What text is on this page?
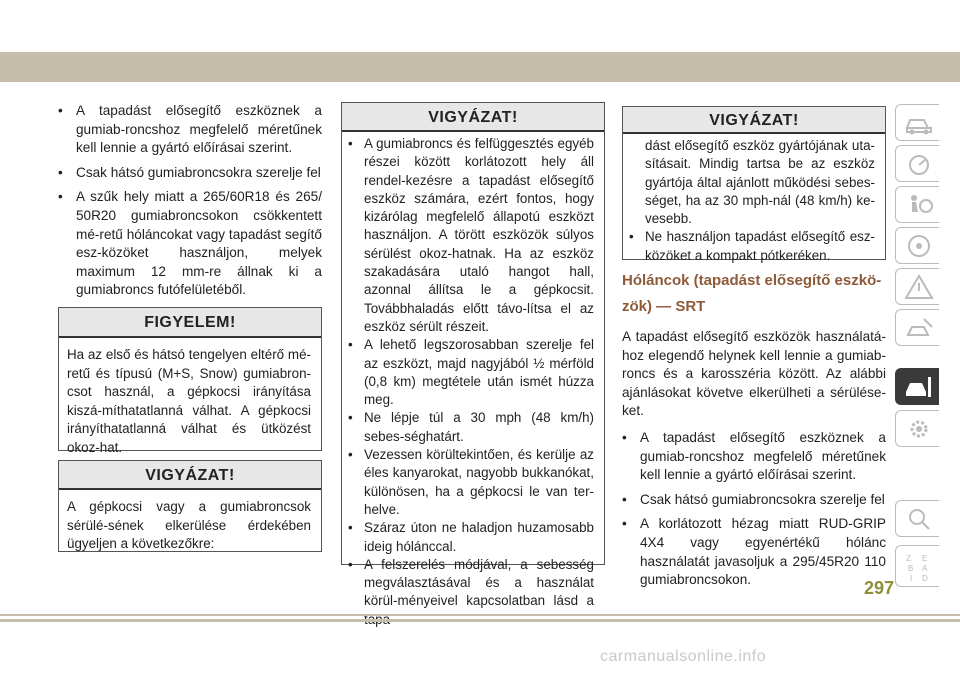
• A tapadást elősegítő eszköznek a gumiab-roncshoz megfelelő méretűnek kell lennie a gyártó előírásai szerint.
• Csak hátsó gumiabroncsokra szerelje fel
• A szűk hely miatt a 265/60R18 és 265/ 50R20 gumiabroncsokon csökkentett mé-retű hóláncokat vagy tapadást segítő esz-közöket használjon, melyek maximum 12 mm-re állnak ki a gumiabroncs futófelületéből.
FIGYELEM!
Ha az első és hátsó tengelyen eltérő mé-retű és típusú (M+S, Snow) gumiabron-csot használ, a gépkocsi irányítása kiszá-míthatatlanná válhat. A gépkocsi irányíthatatlanná válhat és ütközést okoz-hat.
VIGYÁZAT!
A gépkocsi vagy a gumiabroncsok sérülé-sének elkerülése érdekében ügyeljen a következőkre:
VIGYÁZAT!
• A gumiabroncs és felfüggesztés egyéb részei között korlátozott hely áll rendel-kezésre a tapadást elősegítő eszköz számára, ezért fontos, hogy kizárólag megfelelő állapotú eszközt használjon. A törött eszközök súlyos sérülést okoz-hatnak. Ha az eszköz szakadására utaló hangot hall, azonnal állítsa le a gépkocsit. Továbbhaladás előtt távo-lítsa el az eszköz sérült részeit.
• A lehető legszorosabban szerelje fel az eszközt, majd nagyjából ½ mérföld (0,8 km) megtétele után ismét húzza meg.
• Ne lépje túl a 30 mph (48 km/h) sebes-séghatárt.
• Vezessen körültekintően, és kerülje az éles kanyarokat, nagyobb bukkanókat, különösen, ha a gépkocsi le van ter-helve.
• Száraz úton ne haladjon huzamosabb ideig hólánccal.
• A felszerelés módjával, a sebesség megválasztásával és a használat körül-ményeivel kapcsolatban lásd a
VIGYÁZAT!
dást elősegítő eszköz gyártójának uta-sításait. Mindig tartsa be az eszköz gyártója által ajánlott működési sebes-séget, ha az 30 mph-nál (48 km/h) ke-vesebb.
• Ne használjon tapadást elősegítő esz-közöket a kompakt pótkeréken.
Hóláncok (tapadást elősegítő eszkö-zök) — SRT
A tapadást elősegítő eszközök használatá-hoz elegendő helynek kell lennie a gumiab-roncs és a karosszéria között. Az alábbi ajánlásokat követve elkerülheti a sérülése-ket.
• A tapadást elősegítő eszköznek a gumiab-roncshoz megfelelő méretűnek kell lennie a gyártó előírásai szerint.
• Csak hátsó gumiabroncsokra szerelje fel
• A korlátozott hézag miatt RUD-GRIP 4X4 vagy egyenértékű hólánc használatát javasoljuk a 295/45R20 110 gumiabroncsokon.
Z E
B A
I D
297
carmanualsonline.info
